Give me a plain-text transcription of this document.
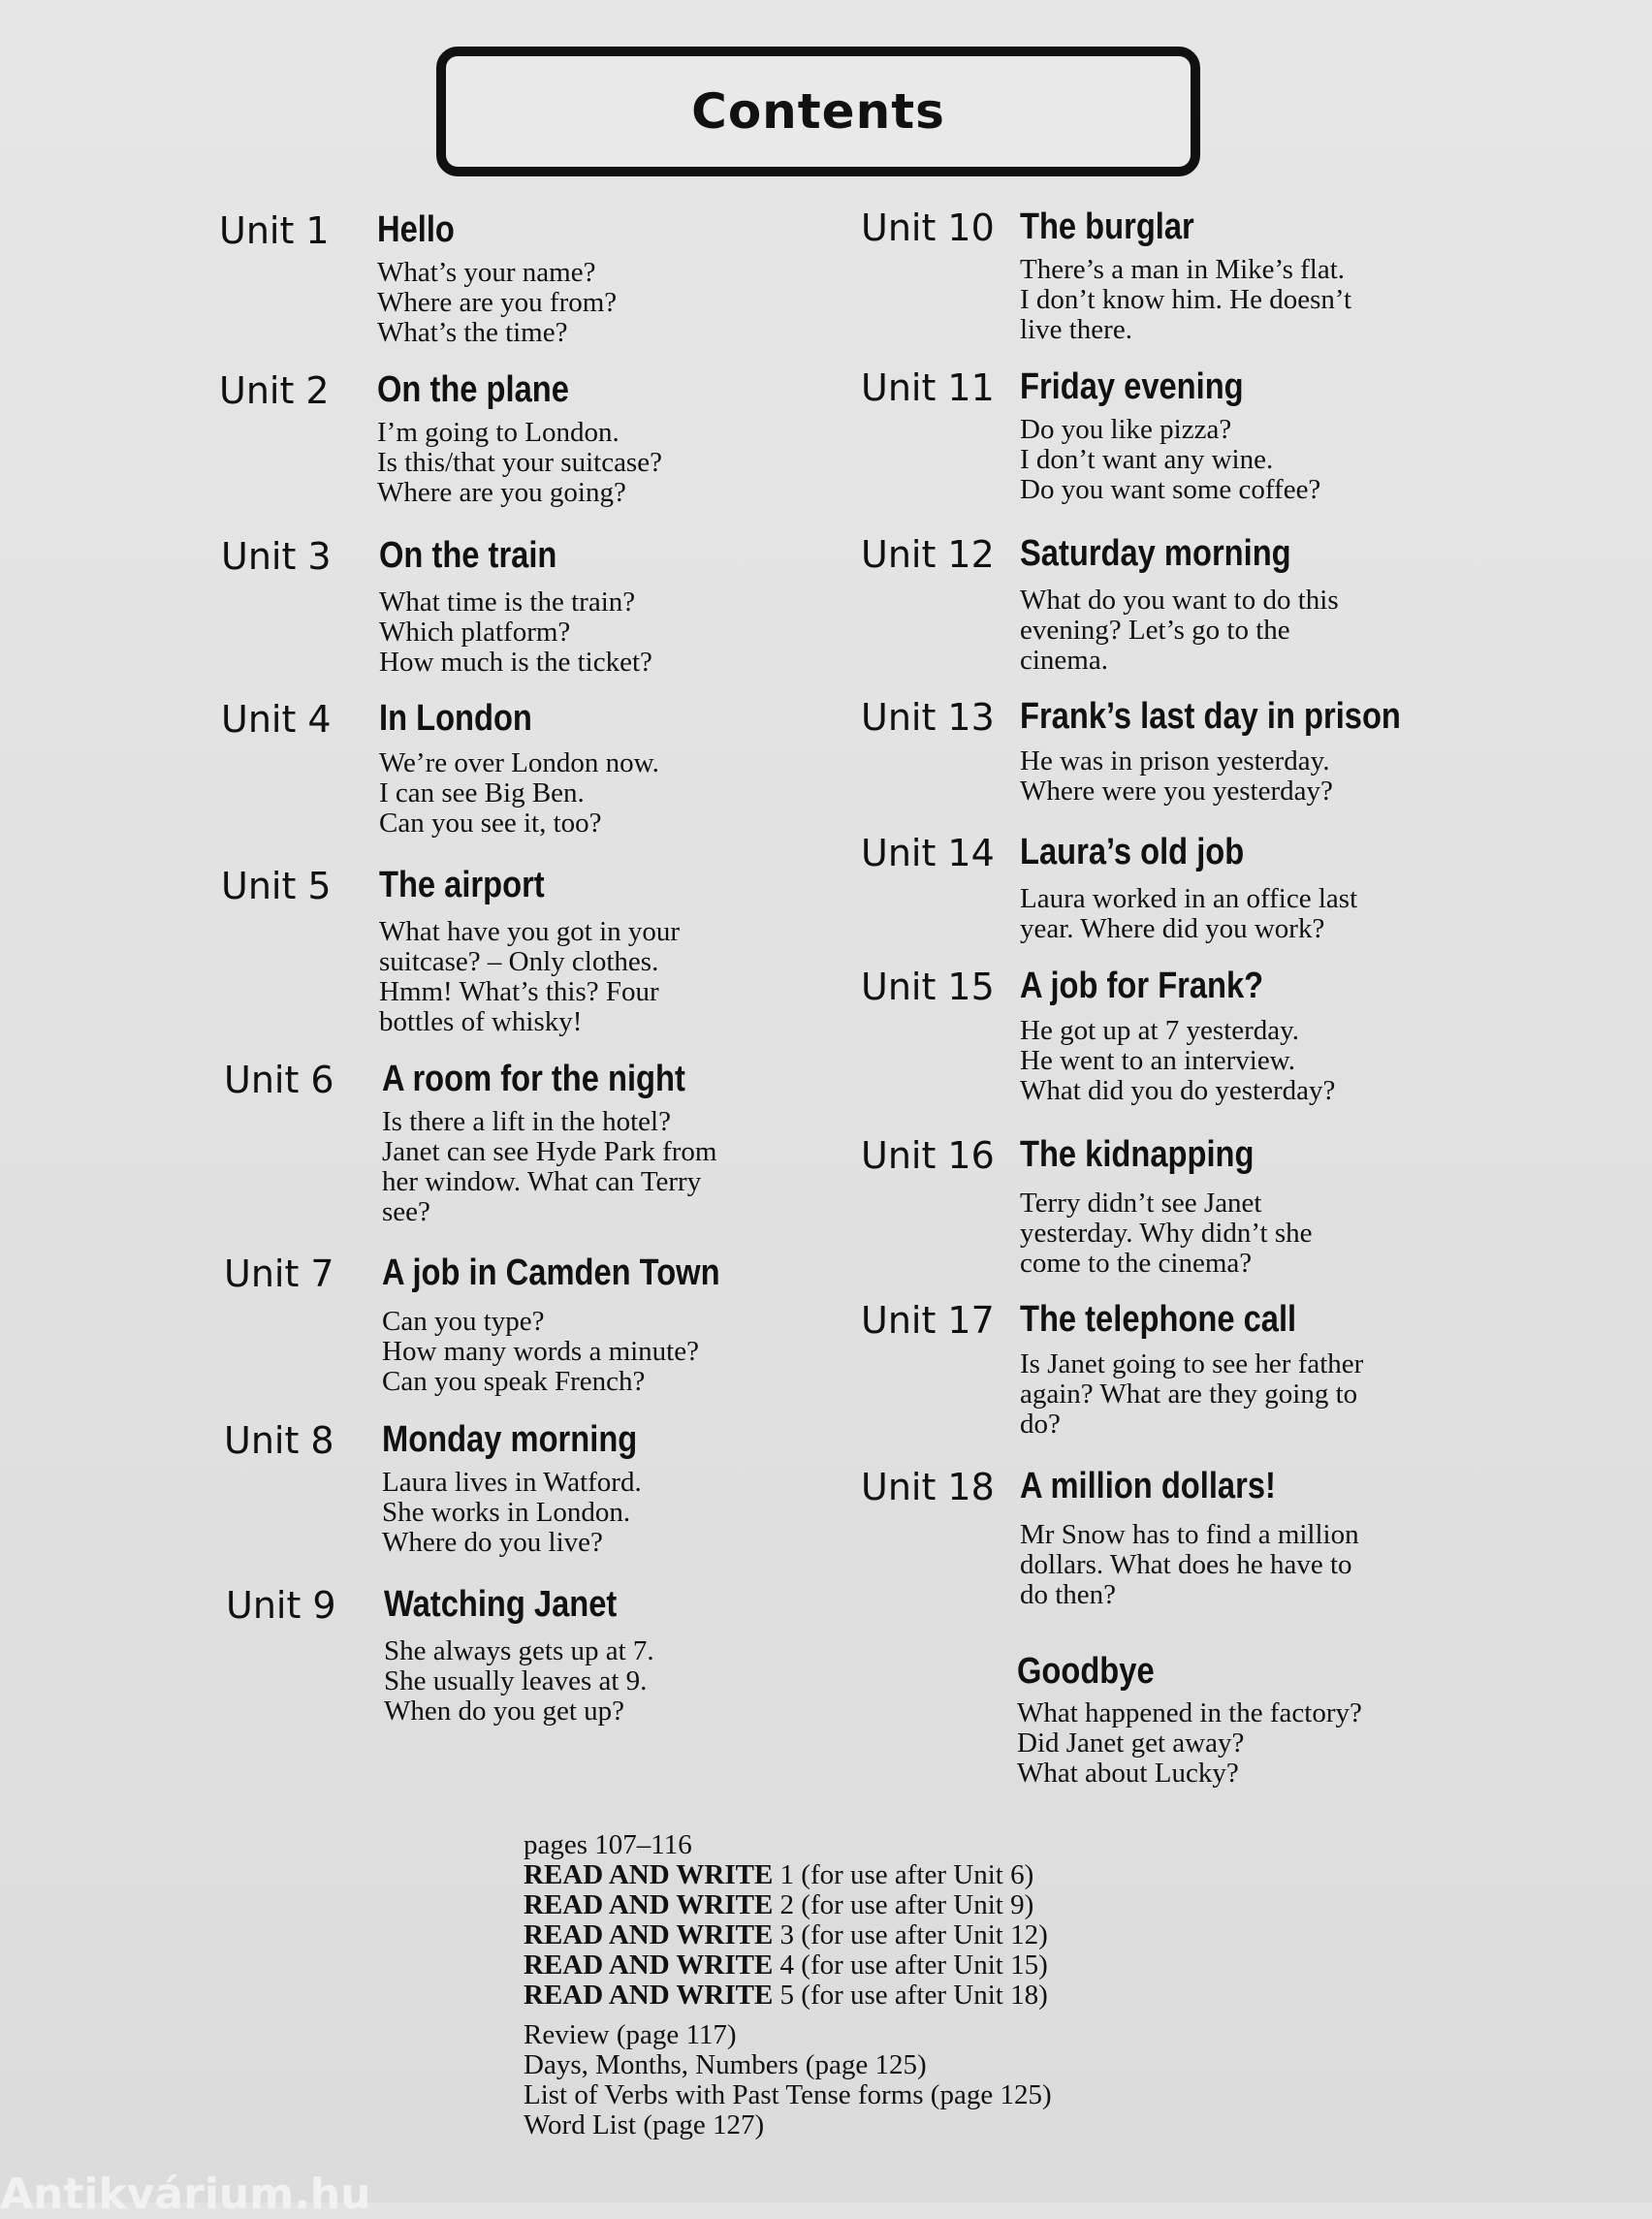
Contents
Unit 1 Hello
What’s your name?
Where are you from?
What’s the time?
Unit 2 On the plane
I’m going to London.
Is this/that your suitcase?
Where are you going?
Unit 3 On the train
What time is the train?
Which platform?
How much is the ticket?
Unit 4 In London
We’re over London now.
I can see Big Ben.
Can you see it, too?
Unit 5 The airport
What have you got in your
suitcase? – Only clothes.
Hmm! What’s this? Four
bottles of whisky!
Unit 6 A room for the night
Is there a lift in the hotel?
Janet can see Hyde Park from
her window. What can Terry
see?
Unit 7 A job in Camden Town
Can you type?
How many words a minute?
Can you speak French?
Unit 8 Monday morning
Laura lives in Watford.
She works in London.
Where do you live?
Unit 9 Watching Janet
She always gets up at 7.
She usually leaves at 9.
When do you get up?
Unit 10 The burglar
There’s a man in Mike’s flat.
I don’t know him. He doesn’t
live there.
Unit 11 Friday evening
Do you like pizza?
I don’t want any wine.
Do you want some coffee?
Unit 12 Saturday morning
What do you want to do this
evening? Let’s go to the
cinema.
Unit 13 Frank’s last day in prison
He was in prison yesterday.
Where were you yesterday?
Unit 14 Laura’s old job
Laura worked in an office last
year. Where did you work?
Unit 15 A job for Frank?
He got up at 7 yesterday.
He went to an interview.
What did you do yesterday?
Unit 16 The kidnapping
Terry didn’t see Janet
yesterday. Why didn’t she
come to the cinema?
Unit 17 The telephone call
Is Janet going to see her father
again? What are they going to
do?
Unit 18 A million dollars!
Mr Snow has to find a million
dollars. What does he have to
do then?
Goodbye
What happened in the factory?
Did Janet get away?
What about Lucky?
pages 107–116
READ AND WRITE 1 (for use after Unit 6)
READ AND WRITE 2 (for use after Unit 9)
READ AND WRITE 3 (for use after Unit 12)
READ AND WRITE 4 (for use after Unit 15)
READ AND WRITE 5 (for use after Unit 18)
Review (page 117)
Days, Months, Numbers (page 125)
List of Verbs with Past Tense forms (page 125)
Word List (page 127)
Antikvárium.hu
